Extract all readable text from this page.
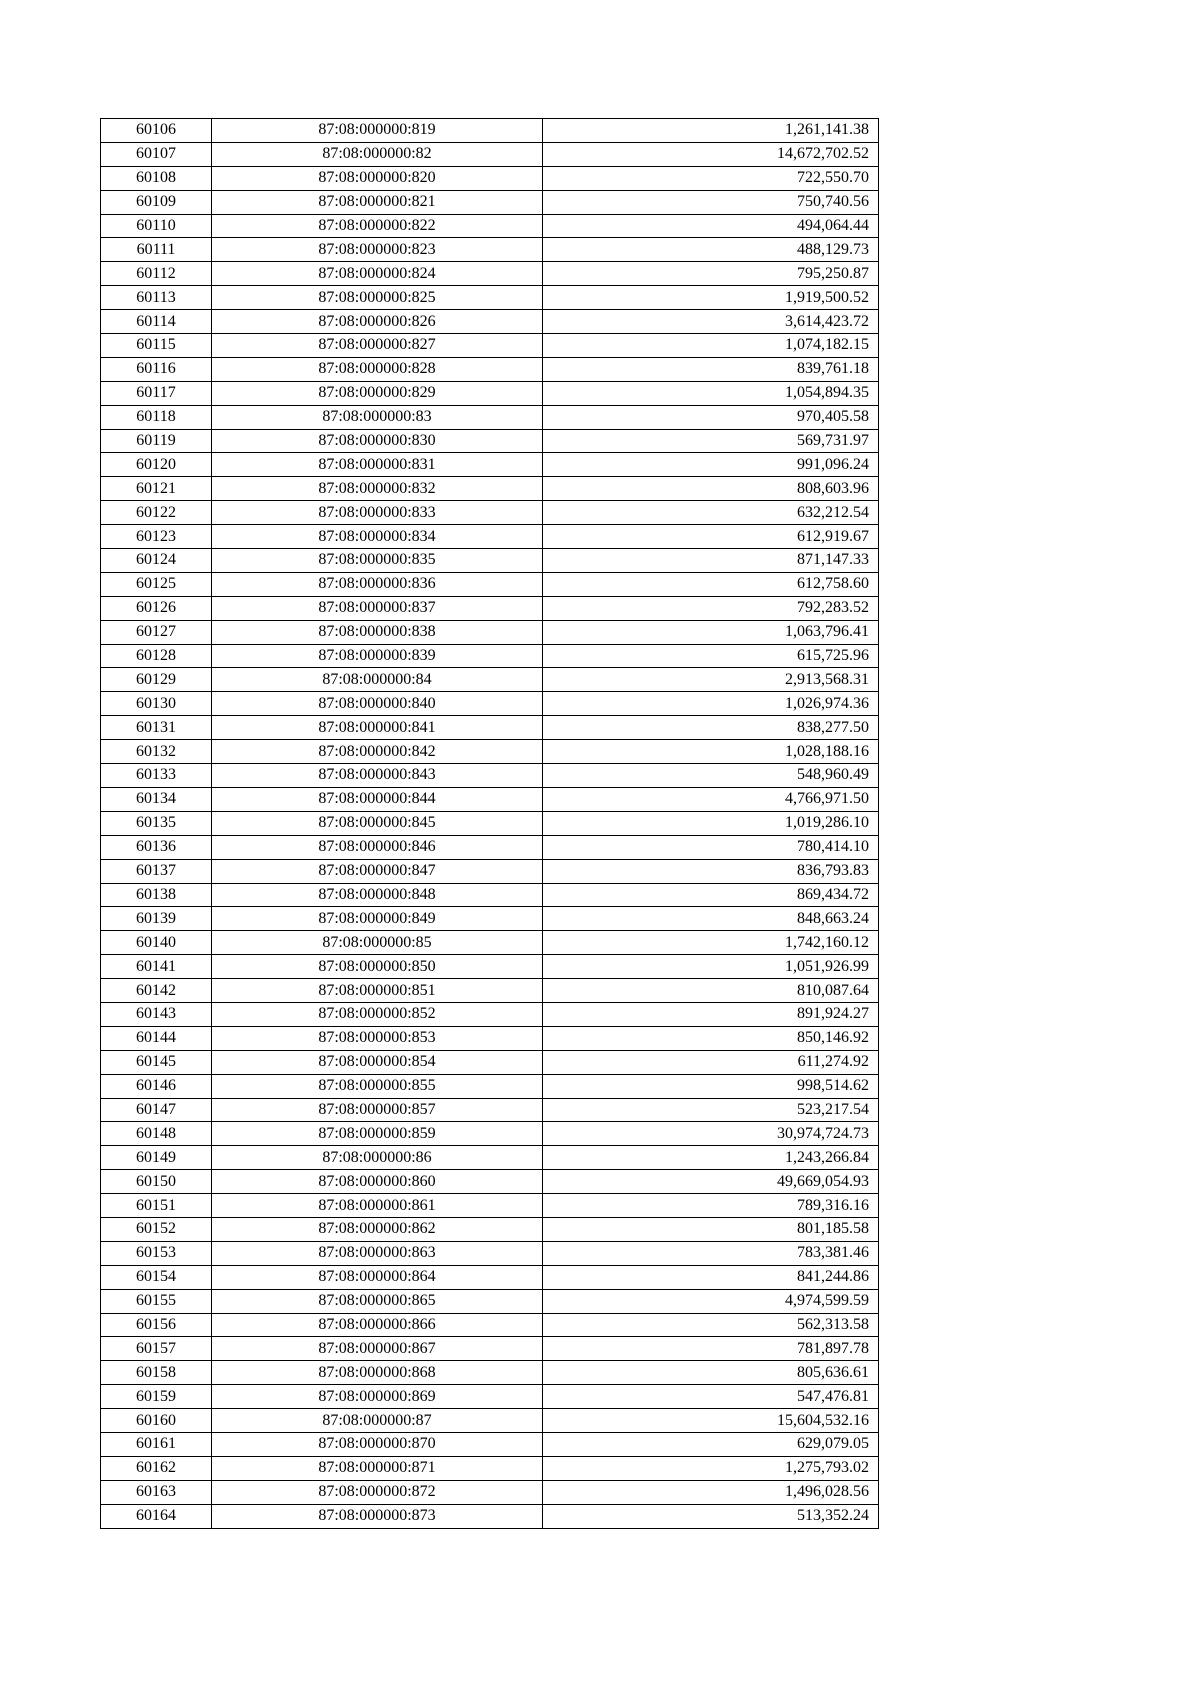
60106	87:08:000000:819	1,261,141.38
60107	87:08:000000:82	14,672,702.52
60108	87:08:000000:820	722,550.70
60109	87:08:000000:821	750,740.56
60110	87:08:000000:822	494,064.44
60111	87:08:000000:823	488,129.73
60112	87:08:000000:824	795,250.87
60113	87:08:000000:825	1,919,500.52
60114	87:08:000000:826	3,614,423.72
60115	87:08:000000:827	1,074,182.15
60116	87:08:000000:828	839,761.18
60117	87:08:000000:829	1,054,894.35
60118	87:08:000000:83	970,405.58
60119	87:08:000000:830	569,731.97
60120	87:08:000000:831	991,096.24
60121	87:08:000000:832	808,603.96
60122	87:08:000000:833	632,212.54
60123	87:08:000000:834	612,919.67
60124	87:08:000000:835	871,147.33
60125	87:08:000000:836	612,758.60
60126	87:08:000000:837	792,283.52
60127	87:08:000000:838	1,063,796.41
60128	87:08:000000:839	615,725.96
60129	87:08:000000:84	2,913,568.31
60130	87:08:000000:840	1,026,974.36
60131	87:08:000000:841	838,277.50
60132	87:08:000000:842	1,028,188.16
60133	87:08:000000:843	548,960.49
60134	87:08:000000:844	4,766,971.50
60135	87:08:000000:845	1,019,286.10
60136	87:08:000000:846	780,414.10
60137	87:08:000000:847	836,793.83
60138	87:08:000000:848	869,434.72
60139	87:08:000000:849	848,663.24
60140	87:08:000000:85	1,742,160.12
60141	87:08:000000:850	1,051,926.99
60142	87:08:000000:851	810,087.64
60143	87:08:000000:852	891,924.27
60144	87:08:000000:853	850,146.92
60145	87:08:000000:854	611,274.92
60146	87:08:000000:855	998,514.62
60147	87:08:000000:857	523,217.54
60148	87:08:000000:859	30,974,724.73
60149	87:08:000000:86	1,243,266.84
60150	87:08:000000:860	49,669,054.93
60151	87:08:000000:861	789,316.16
60152	87:08:000000:862	801,185.58
60153	87:08:000000:863	783,381.46
60154	87:08:000000:864	841,244.86
60155	87:08:000000:865	4,974,599.59
60156	87:08:000000:866	562,313.58
60157	87:08:000000:867	781,897.78
60158	87:08:000000:868	805,636.61
60159	87:08:000000:869	547,476.81
60160	87:08:000000:87	15,604,532.16
60161	87:08:000000:870	629,079.05
60162	87:08:000000:871	1,275,793.02
60163	87:08:000000:872	1,496,028.56
60164	87:08:000000:873	513,352.24
